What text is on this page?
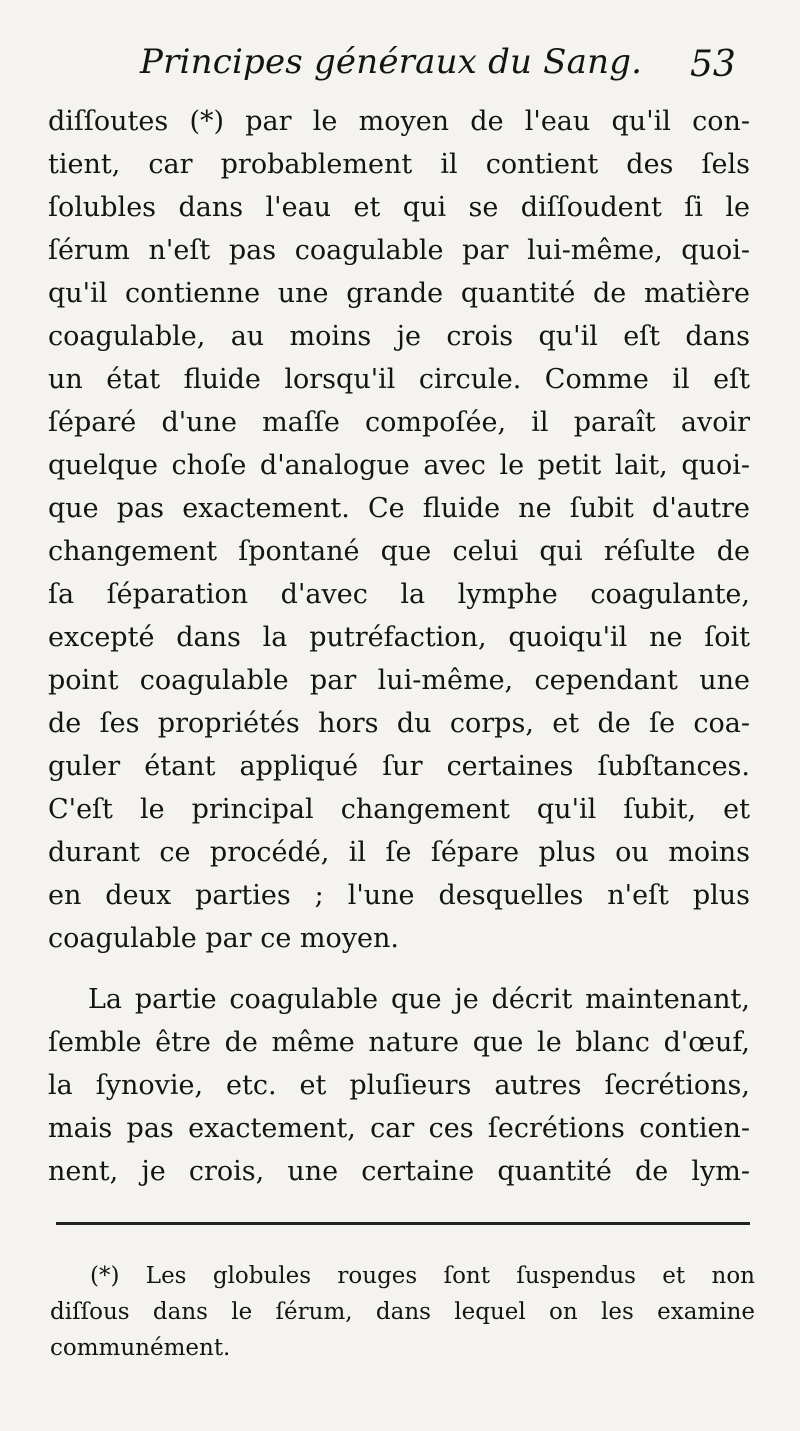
Principes généraux du Sang. 53
diſſoutes (*) par le moyen de l'eau qu'il con-
tient, car probablement il contient des ſels
ſolubles dans l'eau et qui se diſſoudent ſi le
ſérum n'eſt pas coagulable par lui-même, quoi-
qu'il contienne une grande quantité de matière
coagulable, au moins je crois qu'il eſt dans
un état fluide lorsqu'il circule. Comme il eſt
ſéparé d'une maſſe compoſée, il paraît avoir
quelque choſe d'analogue avec le petit lait, quoi-
que pas exactement. Ce fluide ne ſubit d'autre
changement ſpontané que celui qui réſulte de
ſa ſéparation d'avec la lymphe coagulante,
excepté dans la putréfaction, quoiqu'il ne ſoit
point coagulable par lui-même, cependant une
de ſes propriétés hors du corps, et de ſe coa-
guler étant appliqué ſur certaines ſubſtances.
C'eſt le principal changement qu'il ſubit, et
durant ce procédé, il ſe ſépare plus ou moins
en deux parties ; l'une desquelles n'eſt plus
coagulable par ce moyen.
La partie coagulable que je décrit maintenant,
ſemble être de même nature que le blanc d'œuf,
la ſynovie, etc. et pluſieurs autres ſecrétions,
mais pas exactement, car ces ſecrétions contien-
nent, je crois, une certaine quantité de lym-
(*) Les globules rouges ſont ſuspendus et non
diſſous dans le ſérum, dans lequel on les examine
communément.
